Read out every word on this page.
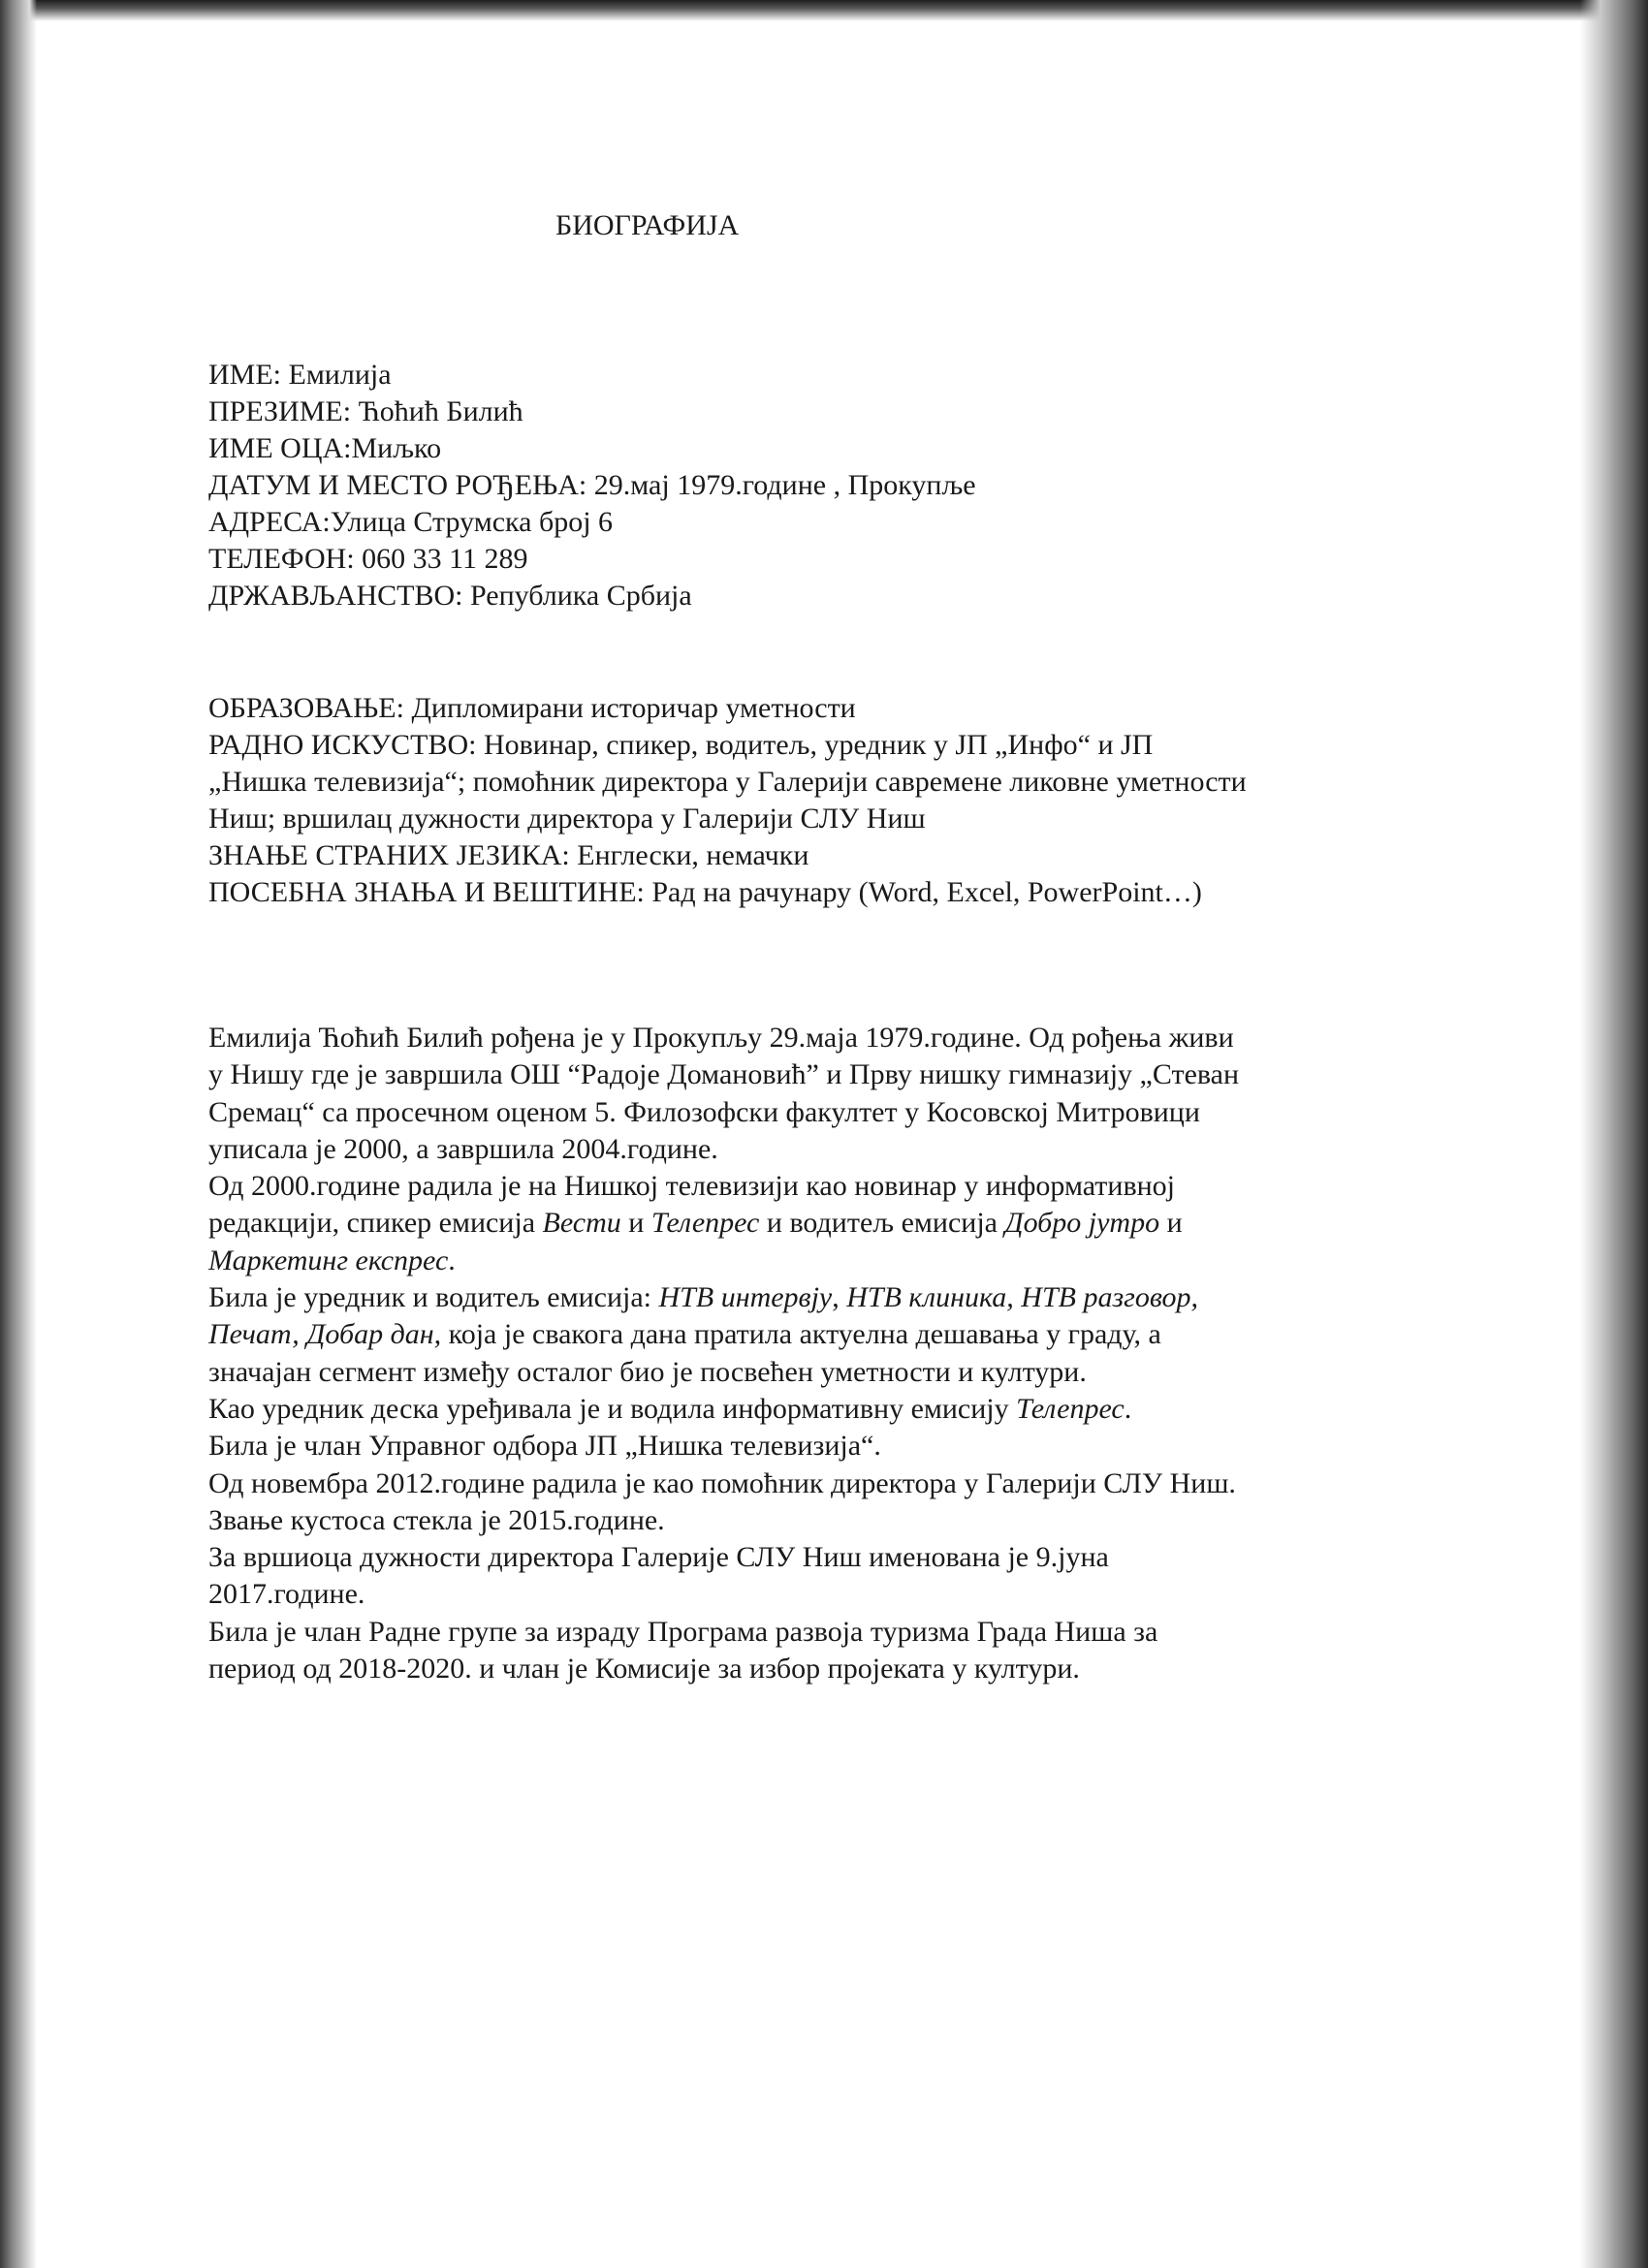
БИОГРАФИЈА
ИМЕ: Емилија
ПРЕЗИМЕ: Ћоћић Билић
ИМЕ ОЦА:Миљко
ДАТУМ И МЕСТО РОЂЕЊА: 29.мај 1979.године , Прокупље
АДРЕСА:Улица Струмска број 6
ТЕЛЕФОН: 060 33 11 289
ДРЖАВЉАНСТВО: Република Србија
ОБРАЗОВАЊЕ: Дипломирани историчар уметности
РАДНО ИСКУСТВО: Новинар, спикер, водитељ, уредник у ЈП „Инфо“ и ЈП
„Нишка телевизија“; помоћник директора у Галерији савремене ликовне уметности
Ниш; вршилац дужности директора у Галерији СЛУ Ниш
ЗНАЊЕ СТРАНИХ ЈЕЗИКА: Енглески, немачки
ПОСЕБНА ЗНАЊА И ВЕШТИНЕ: Рад на рачунару (Word, Excel, PowerPoint…)
Емилија Ћоћић Билић рођена је у Прокупљу 29.маја 1979.године. Од рођења живи
у Нишу где је завршила ОШ “Радоје Домановић” и Прву нишку гимназију „Стеван
Сремац“ са просечном оценом 5. Филозофски факултет у Косовској Митровици
уписала је 2000, а завршила 2004.године.
Од 2000.године радила је на Нишкој телевизији као новинар у информативној
редакцији, спикер емисија Вести и Телепрес и водитељ емисија Добро јутро и
Маркетинг експрес.
Била је уредник и водитељ емисија: НТВ интервју, НТВ клиника, НТВ разговор,
Печат, Добар дан, која је свакога дана пратила актуелна дешавања у граду, а
значајан сегмент између осталог био је посвећен уметности и култури.
Као уредник деска уређивала је и водила информативну емисију Телепрес.
Била је члан Управног одбора ЈП „Нишка телевизија“.
Од новембра 2012.године радила је као помоћник директора у Галерији СЛУ Ниш.
Звање кустоса стекла је 2015.године.
За вршиоца дужности директора Галерије СЛУ Ниш именована је 9.јуна
2017.године.
Била је члан Радне групе за израду Програма развоја туризма Града Ниша за
период од 2018-2020. и члан је Комисије за избор пројеката у култури.
